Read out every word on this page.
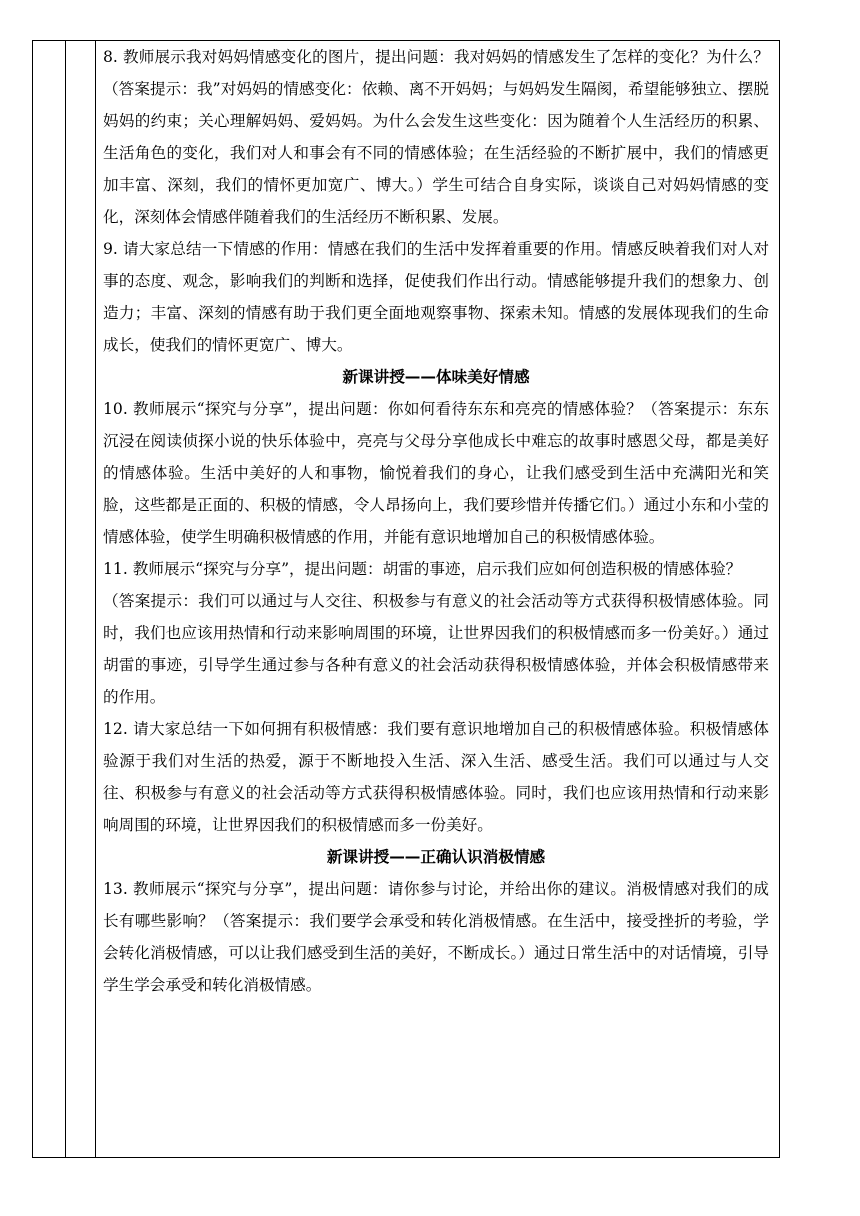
8. 教师展示我对妈妈情感变化的图片，提出问题：我对妈妈的情感发生了怎样的变化？为什么？（答案提示：我”对妈妈的情感变化：依赖、离不开妈妈；与妈妈发生隔阂，希望能够独立、摆脱妈妈的约束；关心理解妈妈、爱妈妈。为什么会发生这些变化：因为随着个人生活经历的积累、生活角色的变化，我们对人和事会有不同的情感体验；在生活经验的不断扩展中，我们的情感更加丰富、深刻，我们的情怀更加宽广、博大。）学生可结合自身实际，谈谈自己对妈妈情感的变化，深刻体会情感伴随着我们的生活经历不断积累、发展。

9. 请大家总结一下情感的作用：情感在我们的生活中发挥着重要的作用。情感反映着我们对人对事的态度、观念，影响我们的判断和选择，促使我们作出行动。情感能够提升我们的想象力、创造力；丰富、深刻的情感有助于我们更全面地观察事物、探索未知。情感的发展体现我们的生命成长，使我们的情怀更宽广、博大。

新课讲授——体味美好情感

10. 教师展示“探究与分享”，提出问题：你如何看待东东和亮亮的情感体验？（答案提示：东东沉浸在阅读侦探小说的快乐体验中，亮亮与父母分享他成长中难忘的故事时感恩父母，都是美好的情感体验。生活中美好的人和事物，愉悦着我们的身心，让我们感受到生活中充满阳光和笑脸，这些都是正面的、积极的情感，令人昂扬向上，我们要珍惜并传播它们。）通过小东和小莹的情感体验，使学生明确积极情感的作用，并能有意识地增加自己的积极情感体验。

11. 教师展示“探究与分享”，提出问题：胡雷的事迹，启示我们应如何创造积极的情感体验？

（答案提示：我们可以通过与人交往、积极参与有意义的社会活动等方式获得积极情感体验。同时，我们也应该用热情和行动来影响周围的环境，让世界因我们的积极情感而多一份美好。）通过胡雷的事迹，引导学生通过参与各种有意义的社会活动获得积极情感体验，并体会积极情感带来的作用。

12. 请大家总结一下如何拥有积极情感：我们要有意识地增加自己的积极情感体验。积极情感体验源于我们对生活的热爱，源于不断地投入生活、深入生活、感受生活。我们可以通过与人交往、积极参与有意义的社会活动等方式获得积极情感体验。同时，我们也应该用热情和行动来影响周围的环境，让世界因我们的积极情感而多一份美好。

新课讲授——正确认识消极情感

13. 教师展示“探究与分享”，提出问题：请你参与讨论，并给出你的建议。消极情感对我们的成长有哪些影响？（答案提示：我们要学会承受和转化消极情感。在生活中，接受挫折的考验，学会转化消极情感，可以让我们感受到生活的美好，不断成长。）通过日常生活中的对话情境，引导学生学会承受和转化消极情感。
